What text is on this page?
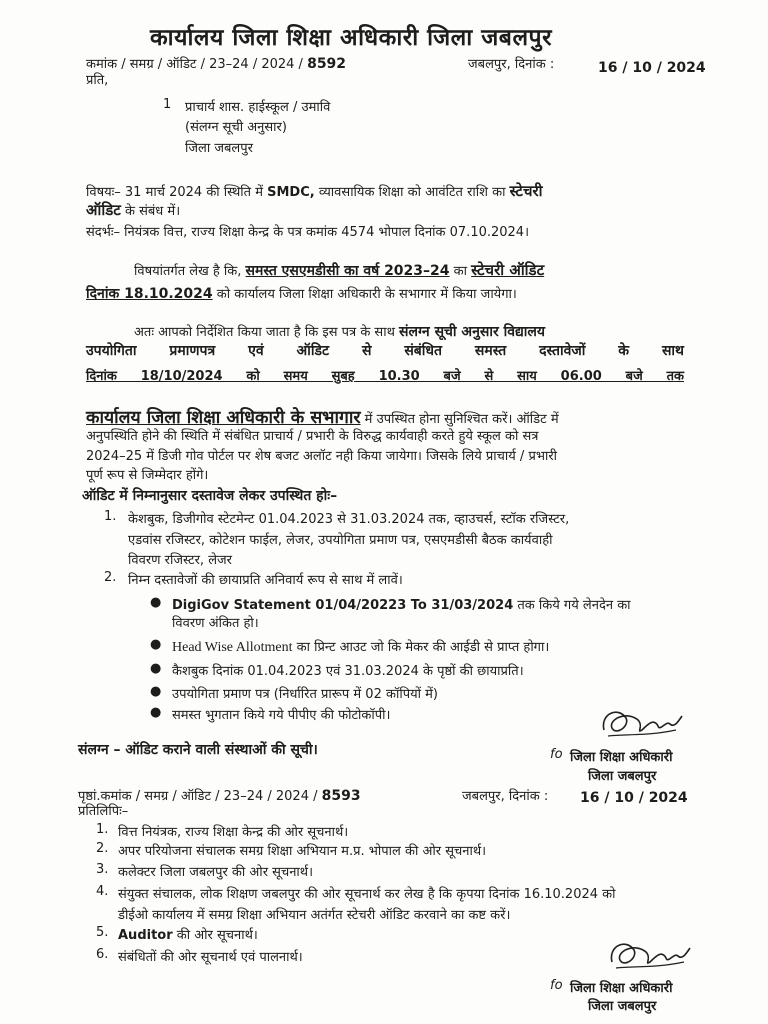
कार्यालय जिला शिक्षा अधिकारी जिला जबलपुर
कमांक / समग्र / ऑडिट / 23–24 / 2024 / 8592
प्रति,
जबलपुर, दिनांक :	16 / 10 / 2024
1 प्राचार्य शास. हाईस्कूल / उमावि
(संलग्न सूची अनुसार)
जिला जबलपुर
विषयः– 31 मार्च 2024 की स्थिति में SMDC, व्यावसायिक शिक्षा को आवंटित राशि का स्टेचरी
ऑडिट के संबंध में।
संदर्भः– नियंत्रक वित्त, राज्य शिक्षा केन्द्र के पत्र कमांक 4574 भोपाल दिनांक 07.10.2024।
विषयांतर्गत लेख है कि, समस्त एसएमडीसी का वर्ष 2023–24 का स्टेचरी ऑडिट
दिनांक 18.10.2024 को कार्यालय जिला शिक्षा अधिकारी के सभागार में किया जायेगा।
अतः आपको निर्देशित किया जाता है कि इस पत्र के साथ संलग्न सूची अनुसार विद्यालय
उपयोगिता प्रमाणपत्र एवं ऑडिट से संबंधित समस्त दस्तावेजों के साथ
दिनांक 18/10/2024 को समय सुबह 10.30 बजे से साय 06.00 बजे तक
कार्यालय जिला शिक्षा अधिकारी के सभागार में उपस्थित होना सुनिश्चित करें। ऑडिट में
अनुपस्थिति होने की स्थिति में संबंधित प्राचार्य / प्रभारी के विरुद्ध कार्यवाही करते हुये स्कूल को सत्र
2024–25 में डिजी गोव पोर्टल पर शेष बजट अलॉट नही किया जायेगा। जिसके लिये प्राचार्य / प्रभारी
पूर्ण रूप से जिम्मेदार होंगे।
ऑडिट में निम्नानुसार दस्तावेज लेकर उपस्थित होः–
1. केशबुक, डिजीगोव स्टेटमेन्ट 01.04.2023 से 31.03.2024 तक, व्हाउचर्स, स्टॉक रजिस्टर,
एडवांस रजिस्टर, कोटेशन फाईल, लेजर, उपयोगिता प्रमाण पत्र, एसएमडीसी बैठक कार्यवाही
विवरण रजिस्टर, लेजर
2. निम्न दस्तावेजों की छायाप्रति अनिवार्य रूप से साथ में लावें।
● DigiGov Statement 01/04/20223 To 31/03/2024 तक किये गये लेनदेन का
विवरण अंकित हो।
● Head Wise Allotment का प्रिन्ट आउट जो कि मेकर की आईडी से प्राप्त होगा।
● कैशबुक दिनांक 01.04.2023 एवं 31.03.2024 के पृष्ठों की छायाप्रति।
● उपयोगिता प्रमाण पत्र (निर्धारित प्रारूप में 02 कॉपियों में)
● समस्त भुगतान किये गये पीपीए की फोटोकॉपी।
fo जिला शिक्षा अधिकारी
जिला जबलपुर
संलग्न – ऑडिट कराने वाली संस्थाओं की सूची।
पृष्ठां.कमांक / समग्र / ऑडिट / 23–24 / 2024 / 8593	जबलपुर, दिनांक : 16 / 10 / 2024
प्रतिलिपिः–
1. वित्त नियंत्रक, राज्य शिक्षा केन्द्र की ओर सूचनार्थ।
2. अपर परियोजना संचालक समग्र शिक्षा अभियान म.प्र. भोपाल की ओर सूचनार्थ।
3. कलेक्टर जिला जबलपुर की ओर सूचनार्थ।
4. संयुक्त संचालक, लोक शिक्षण जबलपुर की ओर सूचनार्थ कर लेख है कि कृपया दिनांक 16.10.2024 को
डीईओ कार्यालय में समग्र शिक्षा अभियान अतंर्गत स्टेचरी ऑडिट करवाने का कष्ट करें।
5. Auditor की ओर सूचनार्थ।
6. संबंधितों की ओर सूचनार्थ एवं पालनार्थ।
fo जिला शिक्षा अधिकारी
जिला जबलपुर
